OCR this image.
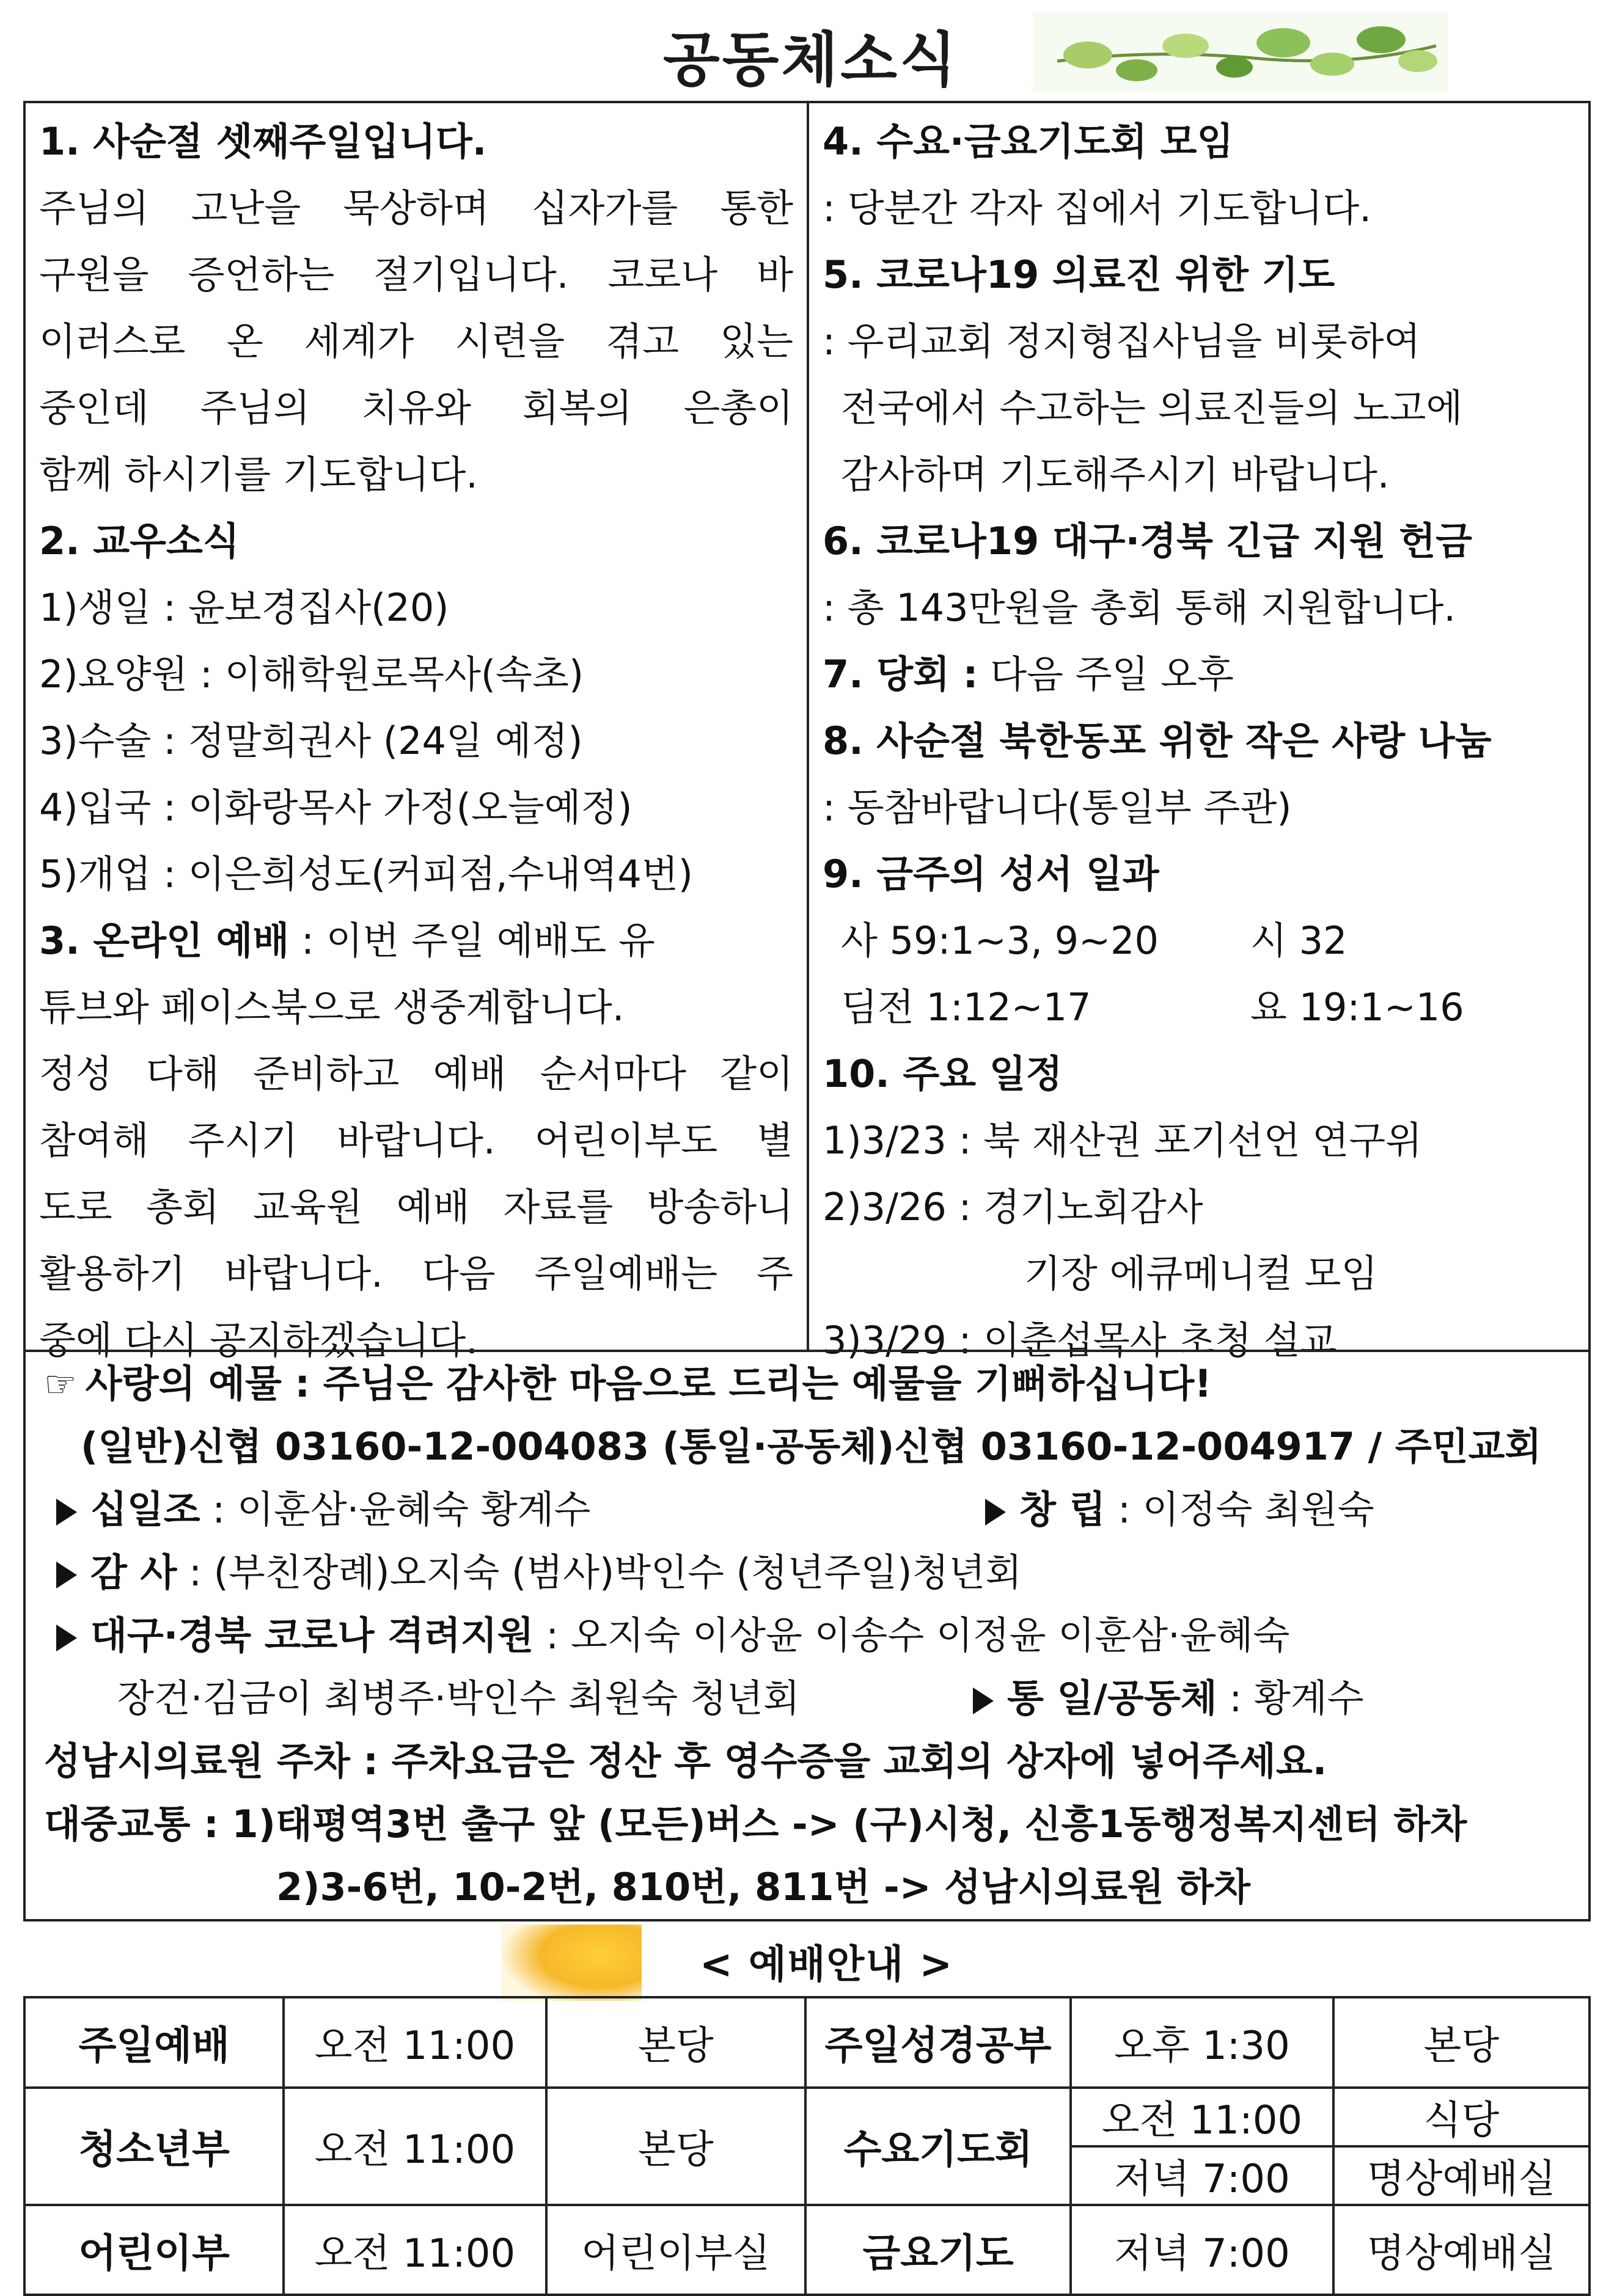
공동체소식
1. 사순절 셋째주일입니다.
주님의 고난을 묵상하며 십자가를 통한
구원을 증언하는 절기입니다. 코로나 바
이러스로 온 세계가 시련을 겪고 있는
중인데 주님의 치유와 회복의 은총이
함께 하시기를 기도합니다.
2. 교우소식
1)생일 : 윤보경집사(20)
2)요양원 : 이해학원로목사(속초)
3)수술 : 정말희권사 (24일 예정)
4)입국 : 이화랑목사 가정(오늘예정)
5)개업 : 이은희성도(커피점,수내역4번)
3. 온라인 예배 : 이번 주일 예배도 유
튜브와 페이스북으로 생중계합니다.
정성 다해 준비하고 예배 순서마다 같이
참여해 주시기 바랍니다. 어린이부도 별
도로 총회 교육원 예배 자료를 방송하니
활용하기 바랍니다. 다음 주일예배는 주
중에 다시 공지하겠습니다.
4. 수요·금요기도회 모임
: 당분간 각자 집에서 기도합니다.
5. 코로나19 의료진 위한 기도
: 우리교회 정지형집사님을 비롯하여
전국에서 수고하는 의료진들의 노고에
감사하며 기도해주시기 바랍니다.
6. 코로나19 대구·경북 긴급 지원 헌금
: 총 143만원을 총회 통해 지원합니다.
7. 당회 : 다음 주일 오후
8. 사순절 북한동포 위한 작은 사랑 나눔
: 동참바랍니다(통일부 주관)
9. 금주의 성서 일과
사 59:1~3, 9~20 시 32
딤전 1:12~17	요 19:1~16
10. 주요 일정
1)3/23 : 북 재산권 포기선언 연구위
2)3/26 : 경기노회감사
기장 에큐메니컬 모임
3)3/29 : 이춘섭목사 초청 설교
☞ 사랑의 예물 : 주님은 감사한 마음으로 드리는 예물을 기뻐하십니다!
(일반)신협 03160-12-004083 (통일·공동체)신협 03160-12-004917 / 주민교회
십일조 : 이훈삼·윤혜숙 황계수	창 립 : 이정숙 최원숙
감 사 : (부친장례)오지숙 (범사)박인수 (청년주일)청년회
대구·경북 코로나 격려지원 : 오지숙 이상윤 이송수 이정윤 이훈삼·윤혜숙
장건·김금이 최병주·박인수 최원숙 청년회	통 일/공동체 : 황계수
성남시의료원 주차 : 주차요금은 정산 후 영수증을 교회의 상자에 넣어주세요.
대중교통 : 1)태평역3번 출구 앞 (모든)버스 -> (구)시청, 신흥1동행정복지센터 하차
2)3-6번, 10-2번, 810번, 811번 -> 성남시의료원 하차
< 예배안내 >
주일예배	오전 11:00	본당	주일성경공부	오후 1:30	본당
청소년부	오전 11:00	본당	수요기도회	오전 11:00	식당
				저녁 7:00	명상예배실
어린이부	오전 11:00	어린이부실	금요기도	저녁 7:00	명상예배실
